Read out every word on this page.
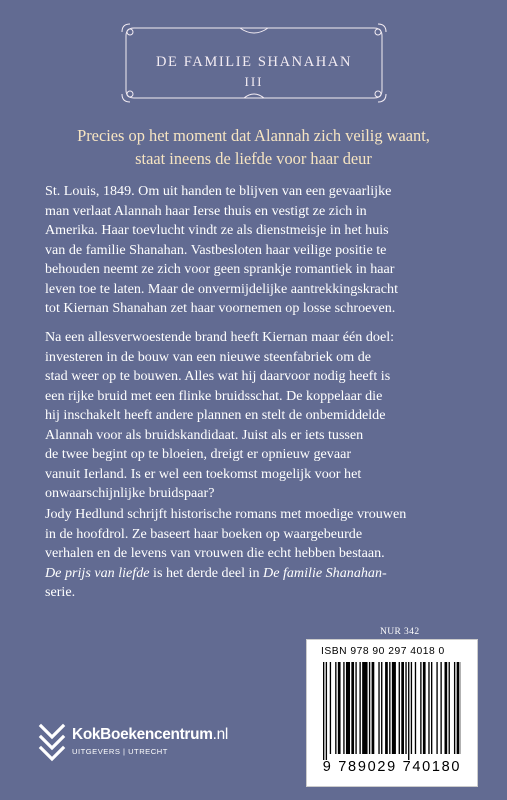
DE FAMILIE SHANAHAN
III
Precies op het moment dat Alannah zich veilig waant,
staat ineens de liefde voor haar deur
St. Louis, 1849. Om uit handen te blijven van een gevaarlijke
man verlaat Alannah haar Ierse thuis en vestigt ze zich in
Amerika. Haar toevlucht vindt ze als dienstmeisje in het huis
van de familie Shanahan. Vastbesloten haar veilige positie te
behouden neemt ze zich voor geen sprankje romantiek in haar
leven toe te laten. Maar de onvermijdelijke aantrekkingskracht
tot Kiernan Shanahan zet haar voornemen op losse schroeven.
Na een allesverwoestende brand heeft Kiernan maar één doel:
investeren in de bouw van een nieuwe steenfabriek om de
stad weer op te bouwen. Alles wat hij daarvoor nodig heeft is
een rijke bruid met een flinke bruidsschat. De koppelaar die
hij inschakelt heeft andere plannen en stelt de onbemiddelde
Alannah voor als bruidskandidaat. Juist als er iets tussen
de twee begint op te bloeien, dreigt er opnieuw gevaar
vanuit Ierland. Is er wel een toekomst mogelijk voor het
onwaarschijnlijke bruidspaar?
Jody Hedlund schrijft historische romans met moedige vrouwen
in de hoofdrol. Ze baseert haar boeken op waargebeurde
verhalen en de levens van vrouwen die echt hebben bestaan.
De prijs van liefde is het derde deel in De familie Shanahan-
serie.
NUR 342
ISBN 978 90 297 4018 0
9 789029 740180
KokBoekencentrum.nl
UITGEVERS | UTRECHT
